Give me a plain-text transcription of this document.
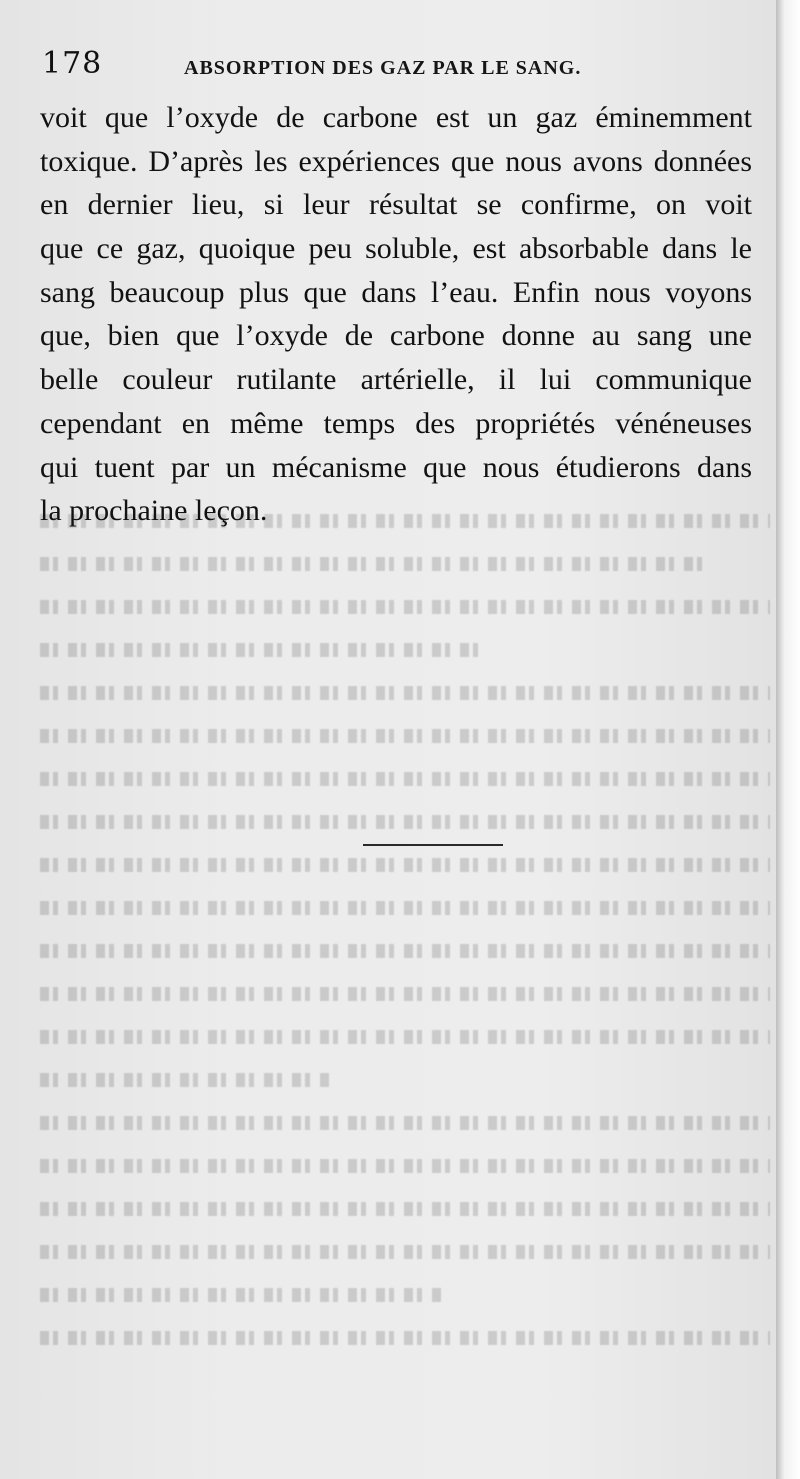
178	ABSORPTION DES GAZ PAR LE SANG.
voit que l’oxyde de carbone est un gaz éminemment
toxique. D’après les expériences que nous avons données
en dernier lieu, si leur résultat se confirme, on voit
que ce gaz, quoique peu soluble, est absorbable dans le
sang beaucoup plus que dans l’eau. Enfin nous voyons
que, bien que l’oxyde de carbone donne au sang une
belle couleur rutilante artérielle, il lui communique
cependant en même temps des propriétés vénéneuses
qui tuent par un mécanisme que nous étudierons dans
la prochaine leçon.
